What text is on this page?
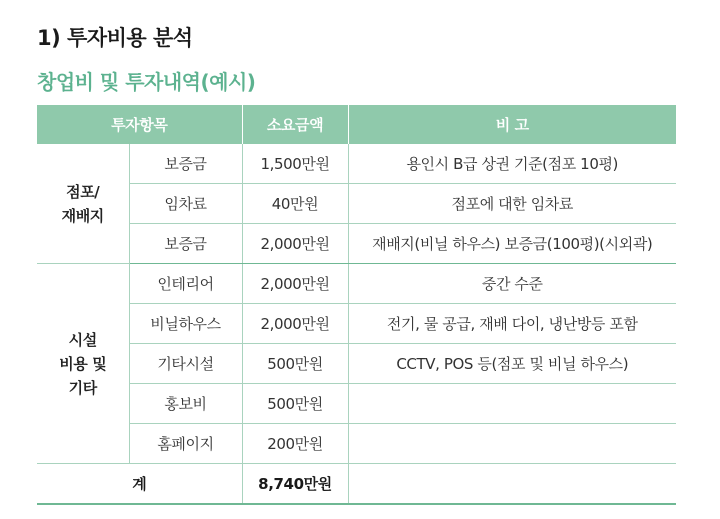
1) 투자비용 분석
창업비 및 투자내역(예시)
투자항목		소요금액	비 고
점포/
재배지	보증금	1,500만원	용인시 B급 상권 기준(점포 10평)
	임차료	40만원	점포에 대한 임차료
	보증금	2,000만원	재배지(비닐 하우스) 보증금(100평)(시외곽)
시설
비용 및
기타	인테리어	2,000만원	중간 수준
	비닐하우스	2,000만원	전기, 물 공급, 재배 다이, 냉난방등 포함
	기타시설	500만원	CCTV, POS 등(점포 및 비닐 하우스)
	홍보비	500만원	
	홈페이지	200만원	
계		8,740만원	
